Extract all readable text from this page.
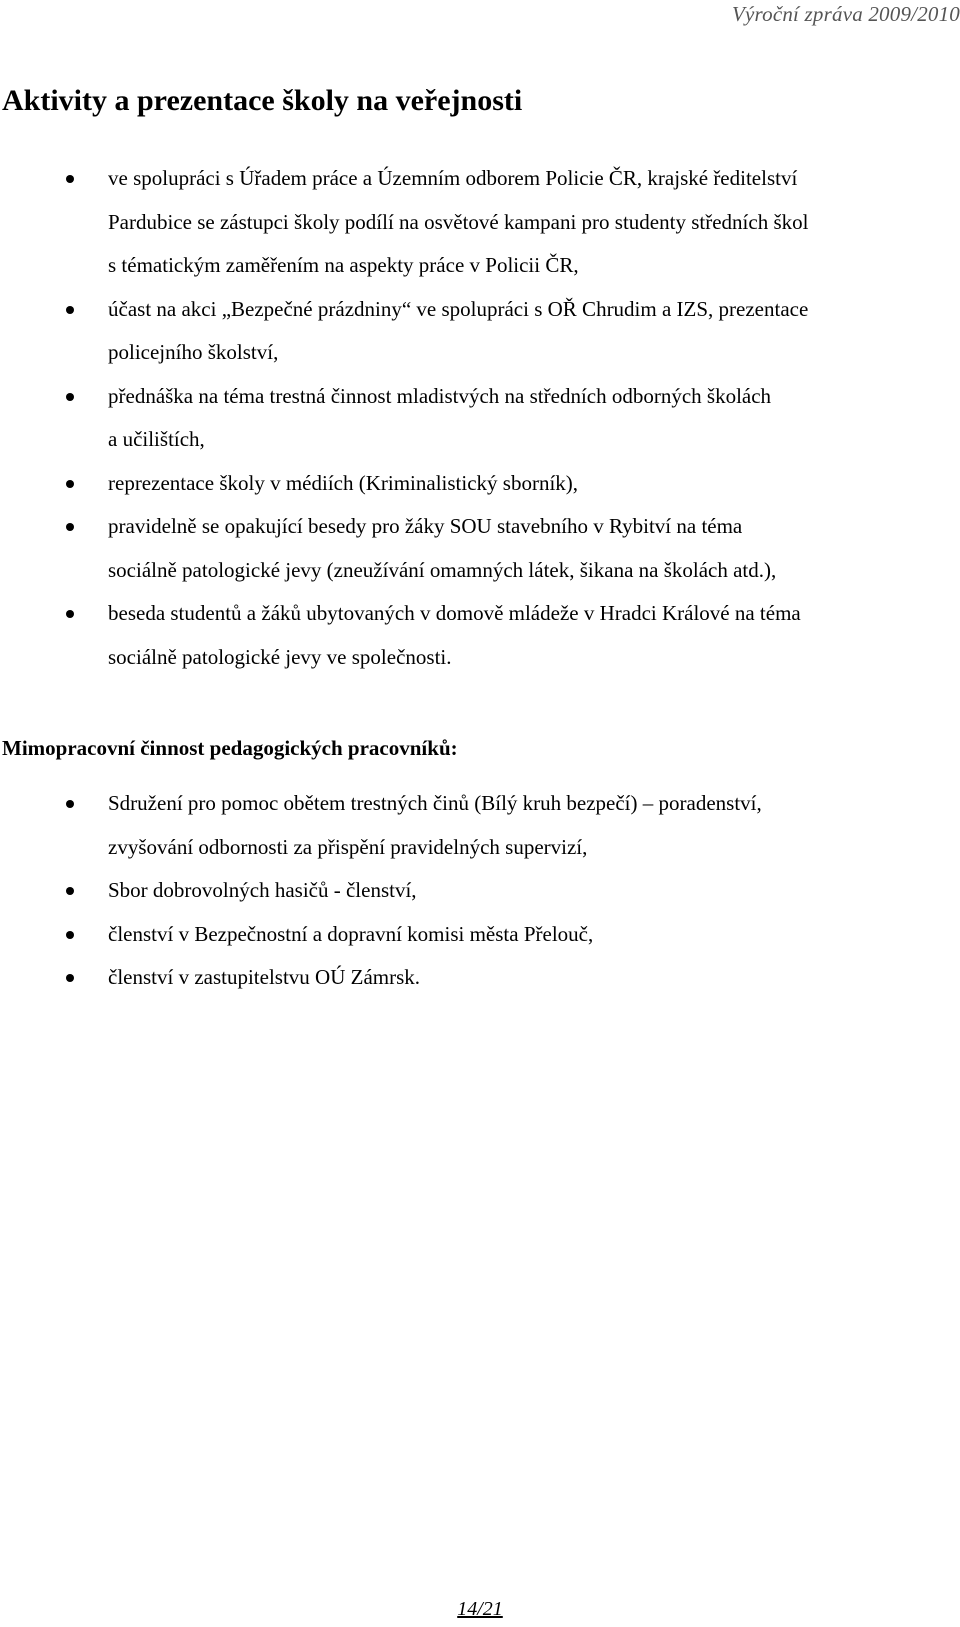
Výroční zpráva 2009/2010
Aktivity a prezentace školy na veřejnosti
ve spolupráci s Úřadem práce a Územním odborem Policie ČR, krajské ředitelství
Pardubice se zástupci školy podílí na osvětové kampani pro studenty středních škol
s tématickým zaměřením na aspekty práce v Policii ČR,
účast na akci „Bezpečné prázdniny“ ve spolupráci s OŘ Chrudim a IZS, prezentace
policejního školství,
přednáška na téma trestná činnost mladistvých na středních odborných školách
a učilištích,
reprezentace školy v médiích (Kriminalistický sborník),
pravidelně se opakující besedy pro žáky SOU stavebního v Rybitví na téma
sociálně patologické jevy (zneužívání omamných látek, šikana na školách atd.),
beseda studentů a žáků ubytovaných v domově mládeže v Hradci Králové na téma
sociálně patologické jevy ve společnosti.
Mimopracovní činnost pedagogických pracovníků:
Sdružení pro pomoc obětem trestných činů (Bílý kruh bezpečí) – poradenství,
zvyšování odbornosti za přispění pravidelných supervizí,
Sbor dobrovolných hasičů - členství,
členství v Bezpečnostní a dopravní komisi města Přelouč,
členství v zastupitelstvu OÚ Zámrsk.
14/21
